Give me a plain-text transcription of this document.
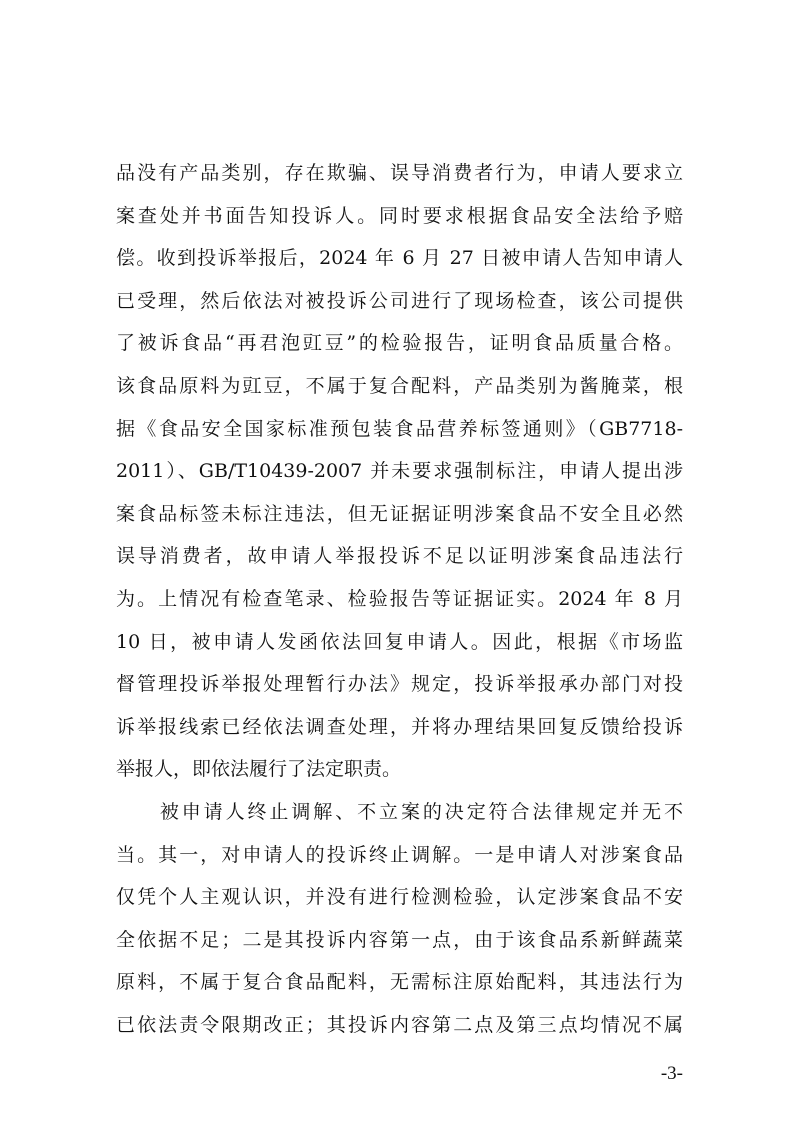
品没有产品类别，存在欺骗、误导消费者行为，申请人要求立
案查处并书面告知投诉人。同时要求根据食品安全法给予赔
偿。收到投诉举报后，2024 年 6 月 27 日被申请人告知申请人
已受理，然后依法对被投诉公司进行了现场检查，该公司提供
了被诉食品“再君泡豇豆”的检验报告，证明食品质量合格。
该食品原料为豇豆，不属于复合配料，产品类别为酱腌菜，根
据《食品安全国家标准预包装食品营养标签通则》（GB7718-
2011）、GB/T10439-2007 并未要求强制标注，申请人提出涉
案食品标签未标注违法，但无证据证明涉案食品不安全且必然
误导消费者，故申请人举报投诉不足以证明涉案食品违法行
为。上情况有检查笔录、检验报告等证据证实。2024 年 8 月
10 日，被申请人发函依法回复申请人。因此，根据《市场监
督管理投诉举报处理暂行办法》规定，投诉举报承办部门对投
诉举报线索已经依法调查处理，并将办理结果回复反馈给投诉
举报人，即依法履行了法定职责。
　　被申请人终止调解、不立案的决定符合法律规定并无不
当。其一，对申请人的投诉终止调解。一是申请人对涉案食品
仅凭个人主观认识，并没有进行检测检验，认定涉案食品不安
全依据不足；二是其投诉内容第一点，由于该食品系新鲜蔬菜
原料，不属于复合食品配料，无需标注原始配料，其违法行为
已依法责令限期改正；其投诉内容第二点及第三点均情况不属
-3-
